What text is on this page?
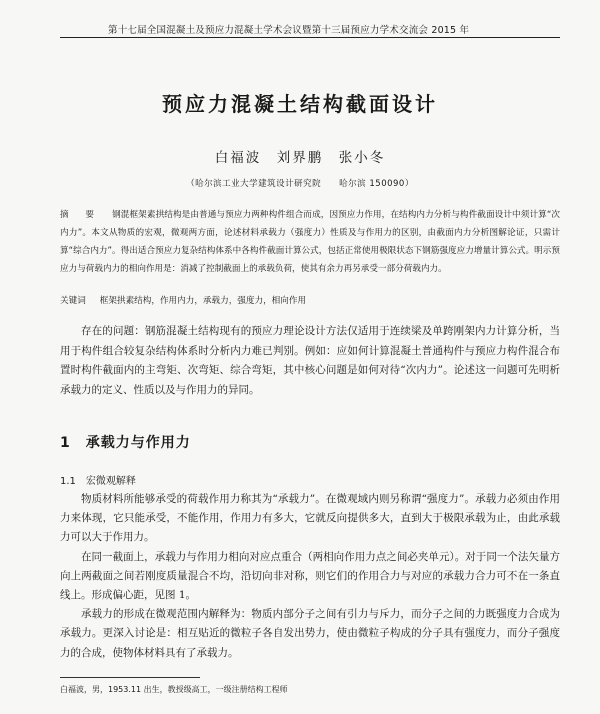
第十七届全国混凝土及预应力混凝土学术会议暨第十三届预应力学术交流会 2015 年
预应力混凝土结构截面设计
白福波　刘界鹏　张小冬
（哈尔滨工业大学建筑设计研究院　　哈尔滨 150090）
摘　要 钢混框架素拱结构是由普通与预应力两种构件组合而成，因预应力作用，在结构内力分析与构件截面设计中须计算“次内力”。本文从物质的宏观，微观两方面，论述材料承载力（强度力）性质及与作用力的区别，由截面内力分析图解论证，只需计算“综合内力”。得出适合预应力复杂结构体系中各构件截面计算公式，包括正常使用极限状态下钢筋强度应力增量计算公式。明示预应力与荷载内力的相向作用是：消减了控制截面上的承载负荷，使其有余力再另承受一部分荷载内力。
关键词 框架拱素结构，作用内力，承载力，强度力，相向作用

存在的问题：钢筋混凝土结构现有的预应力理论设计方法仅适用于连续梁及单跨刚架内力计算分析，当用于构件组合较复杂结构体系时分析内力难已判别。例如：应如何计算混凝土普通构件与预应力构件混合布置时构件截面内的主弯矩、次弯矩、综合弯矩，其中核心问题是如何对待“次内力”。论述这一问题可先明析承载力的定义、性质以及与作用力的异同。

1　承载力与作用力
1.1 宏微观解释

物质材料所能够承受的荷载作用力称其为“承载力”。在微观域内则另称谓“强度力”。承载力必须由作用力来体现，它只能承受，不能作用，作用力有多大，它就反向提供多大，直到大于极限承载为止，由此承载力可以大于作用力。

在同一截面上，承载力与作用力相向对应点重合（两相向作用力点之间必夹单元）。对于同一个法矢量方向上两截面之间若刚度质量混合不均，沿切向非对称，则它们的作用合力与对应的承载力合力可不在一条直线上。形成偏心距，见图 1。

承载力的形成在微观范围内解释为：物质内部分子之间有引力与斥力，而分子之间的力既强度力合成为承载力。更深入讨论是：相互贴近的微粒子各自发出势力，使由微粒子构成的分子具有强度力，而分子强度力的合成，使物体材料具有了承载力。

白福波，男，1953.11 出生，教授级高工，一级注册结构工程师
